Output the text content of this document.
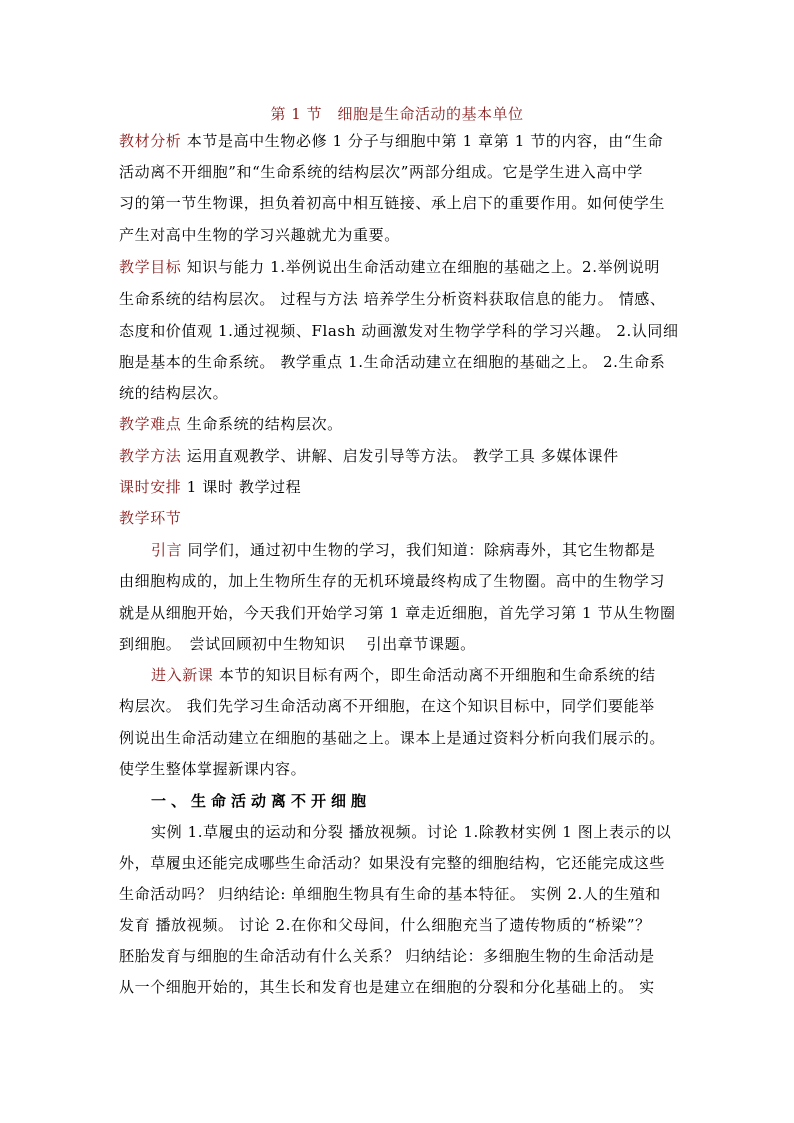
第 1 节　细胞是生命活动的基本单位
教材分析 本节是高中生物必修 1 分子与细胞中第 1 章第 1 节的内容，由“生命
活动离不开细胞”和“生命系统的结构层次”两部分组成。它是学生进入高中学
习的第一节生物课，担负着初高中相互链接、承上启下的重要作用。如何使学生
产生对高中生物的学习兴趣就尤为重要。
教学目标 知识与能力 1.举例说出生命活动建立在细胞的基础之上。2.举例说明
生命系统的结构层次。 过程与方法 培养学生分析资料获取信息的能力。 情感、
态度和价值观 1.通过视频、Flash 动画激发对生物学学科的学习兴趣。 2.认同细
胞是基本的生命系统。 教学重点 1.生命活动建立在细胞的基础之上。 2.生命系
统的结构层次。
教学难点 生命系统的结构层次。
教学方法 运用直观教学、讲解、启发引导等方法。 教学工具 多媒体课件
课时安排 1 课时 教学过程
教学环节
引言 同学们，通过初中生物的学习，我们知道：除病毒外，其它生物都是
由细胞构成的，加上生物所生存的无机环境最终构成了生物圈。高中的生物学习
就是从细胞开始，今天我们开始学习第 1 章走近细胞，首先学习第 1 节从生物圈
到细胞。　尝试回顾初中生物知识　 引出章节课题。
进入新课 本节的知识目标有两个，即生命活动离不开细胞和生命系统的结
构层次。 我们先学习生命活动离不开细胞，在这个知识目标中，同学们要能举
例说出生命活动建立在细胞的基础之上。课本上是通过资料分析向我们展示的。
使学生整体掌握新课内容。
一、生命活动离不开细胞
实例 1.草履虫的运动和分裂 播放视频。讨论 1.除教材实例 1 图上表示的以
外，草履虫还能完成哪些生命活动？如果没有完整的细胞结构，它还能完成这些
生命活动吗？ 归纳结论: 单细胞生物具有生命的基本特征。 实例 2.人的生殖和
发育 播放视频。 讨论 2.在你和父母间，什么细胞充当了遗传物质的“桥梁”？
胚胎发育与细胞的生命活动有什么关系？ 归纳结论：多细胞生物的生命活动是
从一个细胞开始的，其生长和发育也是建立在细胞的分裂和分化基础上的。 实
